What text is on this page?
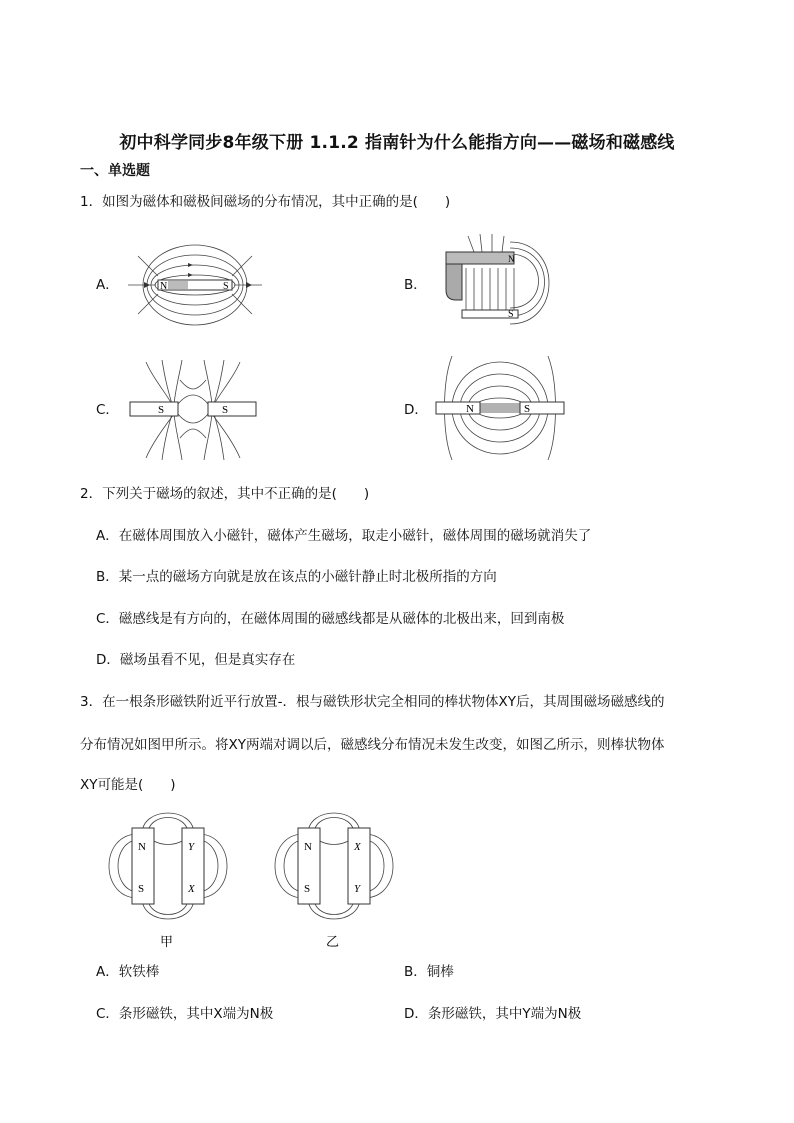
初中科学同步8年级下册 1.1.2 指南针为什么能指方向——磁场和磁感线
一、单选题
1．如图为磁体和磁极间磁场的分布情况，其中正确的是(　　)
A．	N	S	B．
S
N
C．	S	S	D．	N	S
2．下列关于磁场的叙述，其中不正确的是(　　)
A．在磁体周围放入小磁针，磁体产生磁场，取走小磁针，磁体周围的磁场就消失了
B．某一点的磁场方向就是放在该点的小磁针静止时北极所指的方向
C．磁感线是有方向的，在磁体周围的磁感线都是从磁体的北极出来，回到南极
D．磁场虽看不见，但是真实存在
3．在一根条形磁铁附近平行放置-．根与磁铁形状完全相同的棒状物体XY后，其周围磁场磁感线的
分布情况如图甲所示。将XY两端对调以后，磁感线分布情况未发生改变，如图乙所示，则棒状物体
XY可能是(　　)
N
S
Y
X
甲
N
S
X
Y
乙
A．软铁棒	B．铜棒
C．条形磁铁，其中X端为N极	D．条形磁铁，其中Y端为N极
